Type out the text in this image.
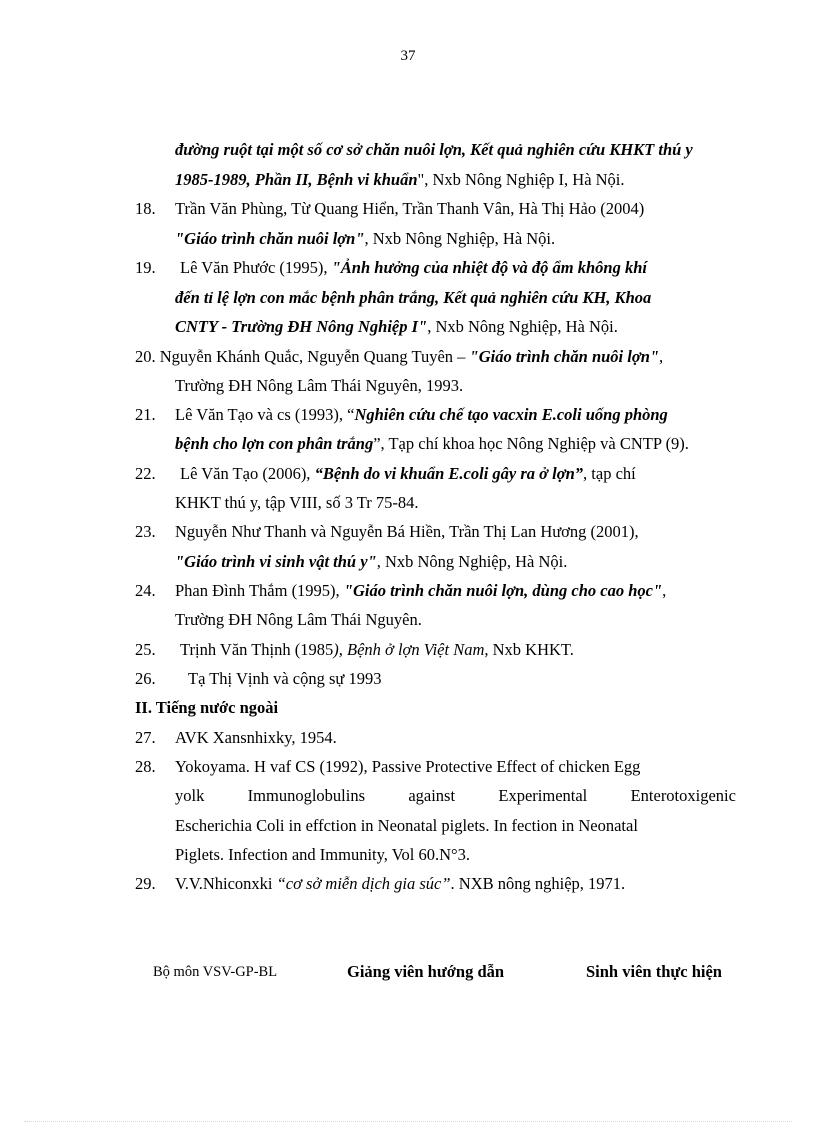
37
đường ruột tại một số cơ sở chăn nuôi lợn, Kết quả nghiên cứu KHKT thú y
1985-1989, Phần II, Bệnh vi khuẩn", Nxb Nông Nghiệp I, Hà Nội.
18. Trần Văn Phùng, Từ Quang Hiển, Trần Thanh Vân, Hà Thị Hảo (2004)
"Giáo trình chăn nuôi lợn", Nxb Nông Nghiệp, Hà Nội.
19. Lê Văn Phước (1995), "Ảnh hưởng của nhiệt độ và độ ẩm không khí
đến tỉ lệ lợn con mắc bệnh phân trắng, Kết quả nghiên cứu KH, Khoa
CNTY - Trường ĐH Nông Nghiệp I", Nxb Nông Nghiệp, Hà Nội.
20. Nguyễn Khánh Quắc, Nguyễn Quang Tuyên – "Giáo trình chăn nuôi lợn",
Trường ĐH Nông Lâm Thái Nguyên, 1993.
21. Lê Văn Tạo và cs (1993), “Nghiên cứu chế tạo vacxin E.coli uống phòng
bệnh cho lợn con phân trắng”, Tạp chí khoa học Nông Nghiệp và CNTP (9).
22. Lê Văn Tạo (2006), “Bệnh do vi khuẩn E.coli gây ra ở lợn”, tạp chí
KHKT thú y, tập VIII, số 3 Tr 75-84.
23. Nguyễn Như Thanh và Nguyễn Bá Hiền, Trần Thị Lan Hương (2001),
"Giáo trình vi sinh vật thú y", Nxb Nông Nghiệp, Hà Nội.
24. Phan Đình Thắm (1995), "Giáo trình chăn nuôi lợn, dùng cho cao học",
Trường ĐH Nông Lâm Thái Nguyên.
25. Trịnh Văn Thịnh (1985), Bệnh ở lợn Việt Nam, Nxb KHKT.
26. Tạ Thị Vịnh và cộng sự 1993
II. Tiếng nước ngoài
27. AVK Xansnhixky, 1954.
28. Yokoyama. H vaf CS (1992), Passive Protective Effect of chicken Egg
yolk	Immunoglobulins	against	Experimental	Enterotoxigenic
Escherichia Coli in effction in Neonatal piglets. In fection in Neonatal
Piglets. Infection and Immunity, Vol 60.N°3.
29. V.V.Nhiconxki “cơ sở miễn dịch gia súc”. NXB nông nghiệp, 1971.
Bộ môn VSV-GP-BL	Giảng viên hướng dẫn	Sinh viên thực hiện
